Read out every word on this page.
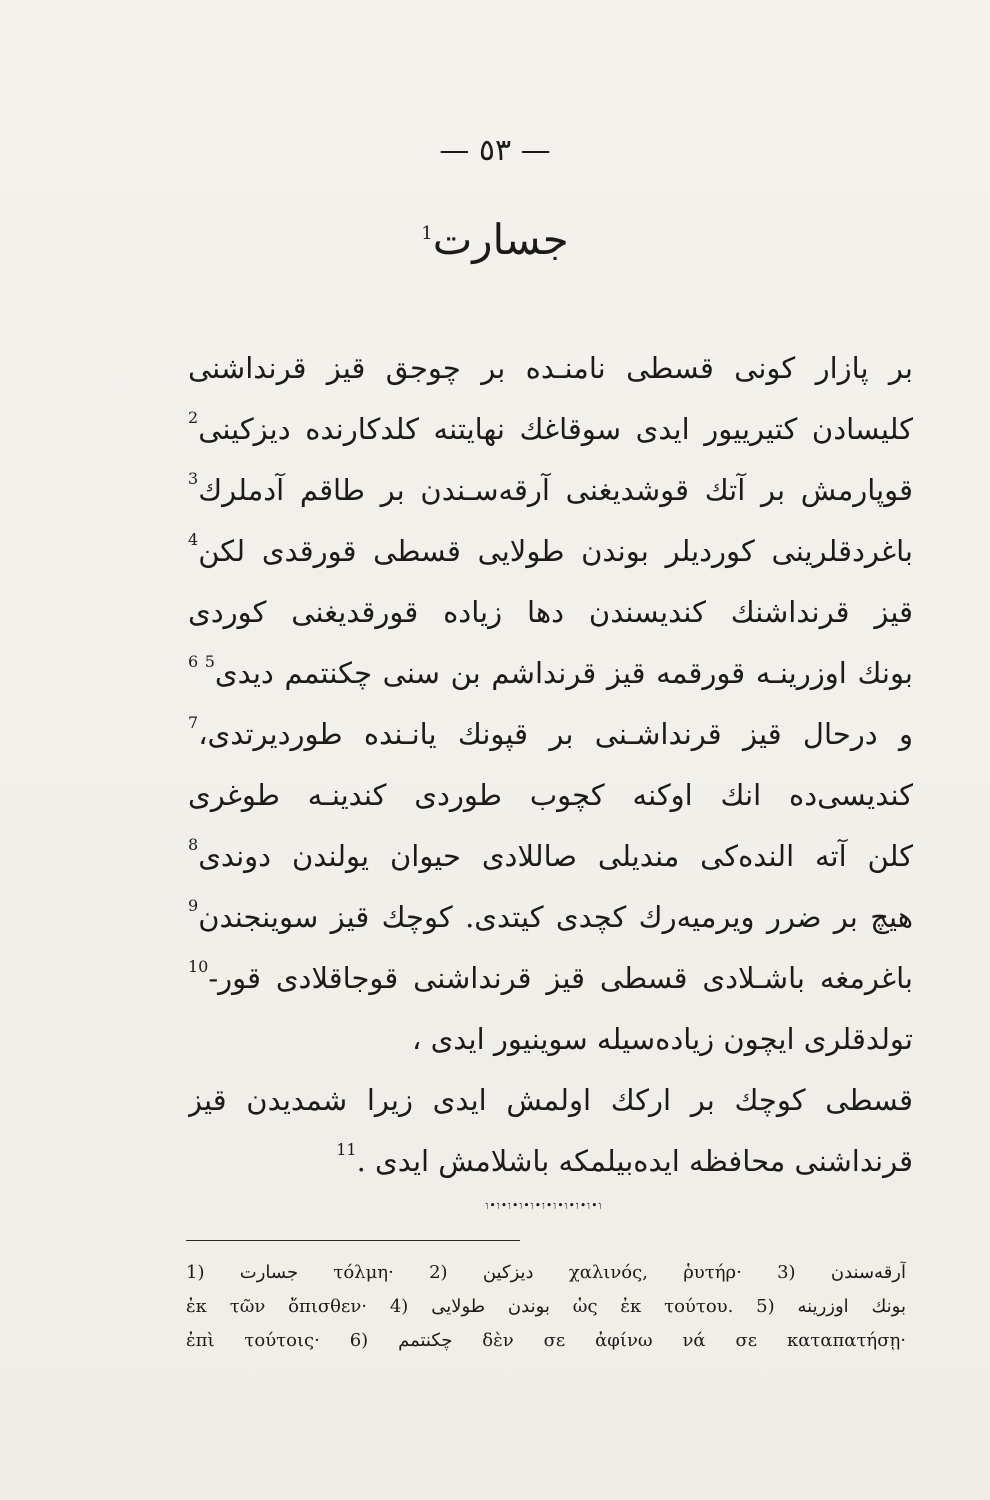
— ٥٣ —
جسارت$^1$
بر پازار كونی قسطی نامنـده بر چوجق قیز قرنداشنی
كلیسادن كتیرییور ایدی سوقاغك نهایتنه كلدكارنده دیزكینی$^2$
قوپارمش بر آتك قوشدیغنی آرقه‌سـندن بر طاقم آدملرك$^3$
باغردقلرینی كوردیلر بوندن طولایی قسطی قورقدی لكن$^4$
قیز قرنداشنك كندیسندن دها زیاده قورقدیغنی كوردی
بونك اوزرینـه قورقمه قیز قرنداشم بن سنی چكنتمم دیدی$^{5 6}$
و درحال قیز قرنداشـنی بر قپونك یانـنده طوردیرتدی،$^7$
كندیسی‌ده انك اوكنه كچوب طوردی كندینـه طوغری
كلن آته النده‌كی مندیلی صاللادی حیوان یولندن دوندی$^8$
هیچ بر ضرر ویرمیه‌رك كچدی كیتدی. كوچك قیز سوینجندن$^9$
باغرمغه باشـلادی قسطی قیز قرنداشنی قوجاقلادی قور-$^{10}$
تولدقلری ایچون زیاده‌سیله سوینیور ایدی ،
قسطی كوچك بر اركك اولمش ایدی زیرا شمدیدن قیز
قرنداشنی محافظه ایده‌بیلمكه باشلامش ایدی .$^{11}$
ו•ו•ו•ו•ו•ו•ו•ו•ו•ו•ו
1) جسارت τόλμη· 2) دیزكین χαλινός, ῥυτήρ· 3) آرقه‌سندن
ἐκ τῶν ὄπισθεν· 4) بوندن طولایی ὡς ἐκ τούτου. 5) بونك اوزرینه
ἐπὶ τούτοις· 6) چكنتمم δὲν σε ἀφίνω νά σε καταπατήσῃ·
